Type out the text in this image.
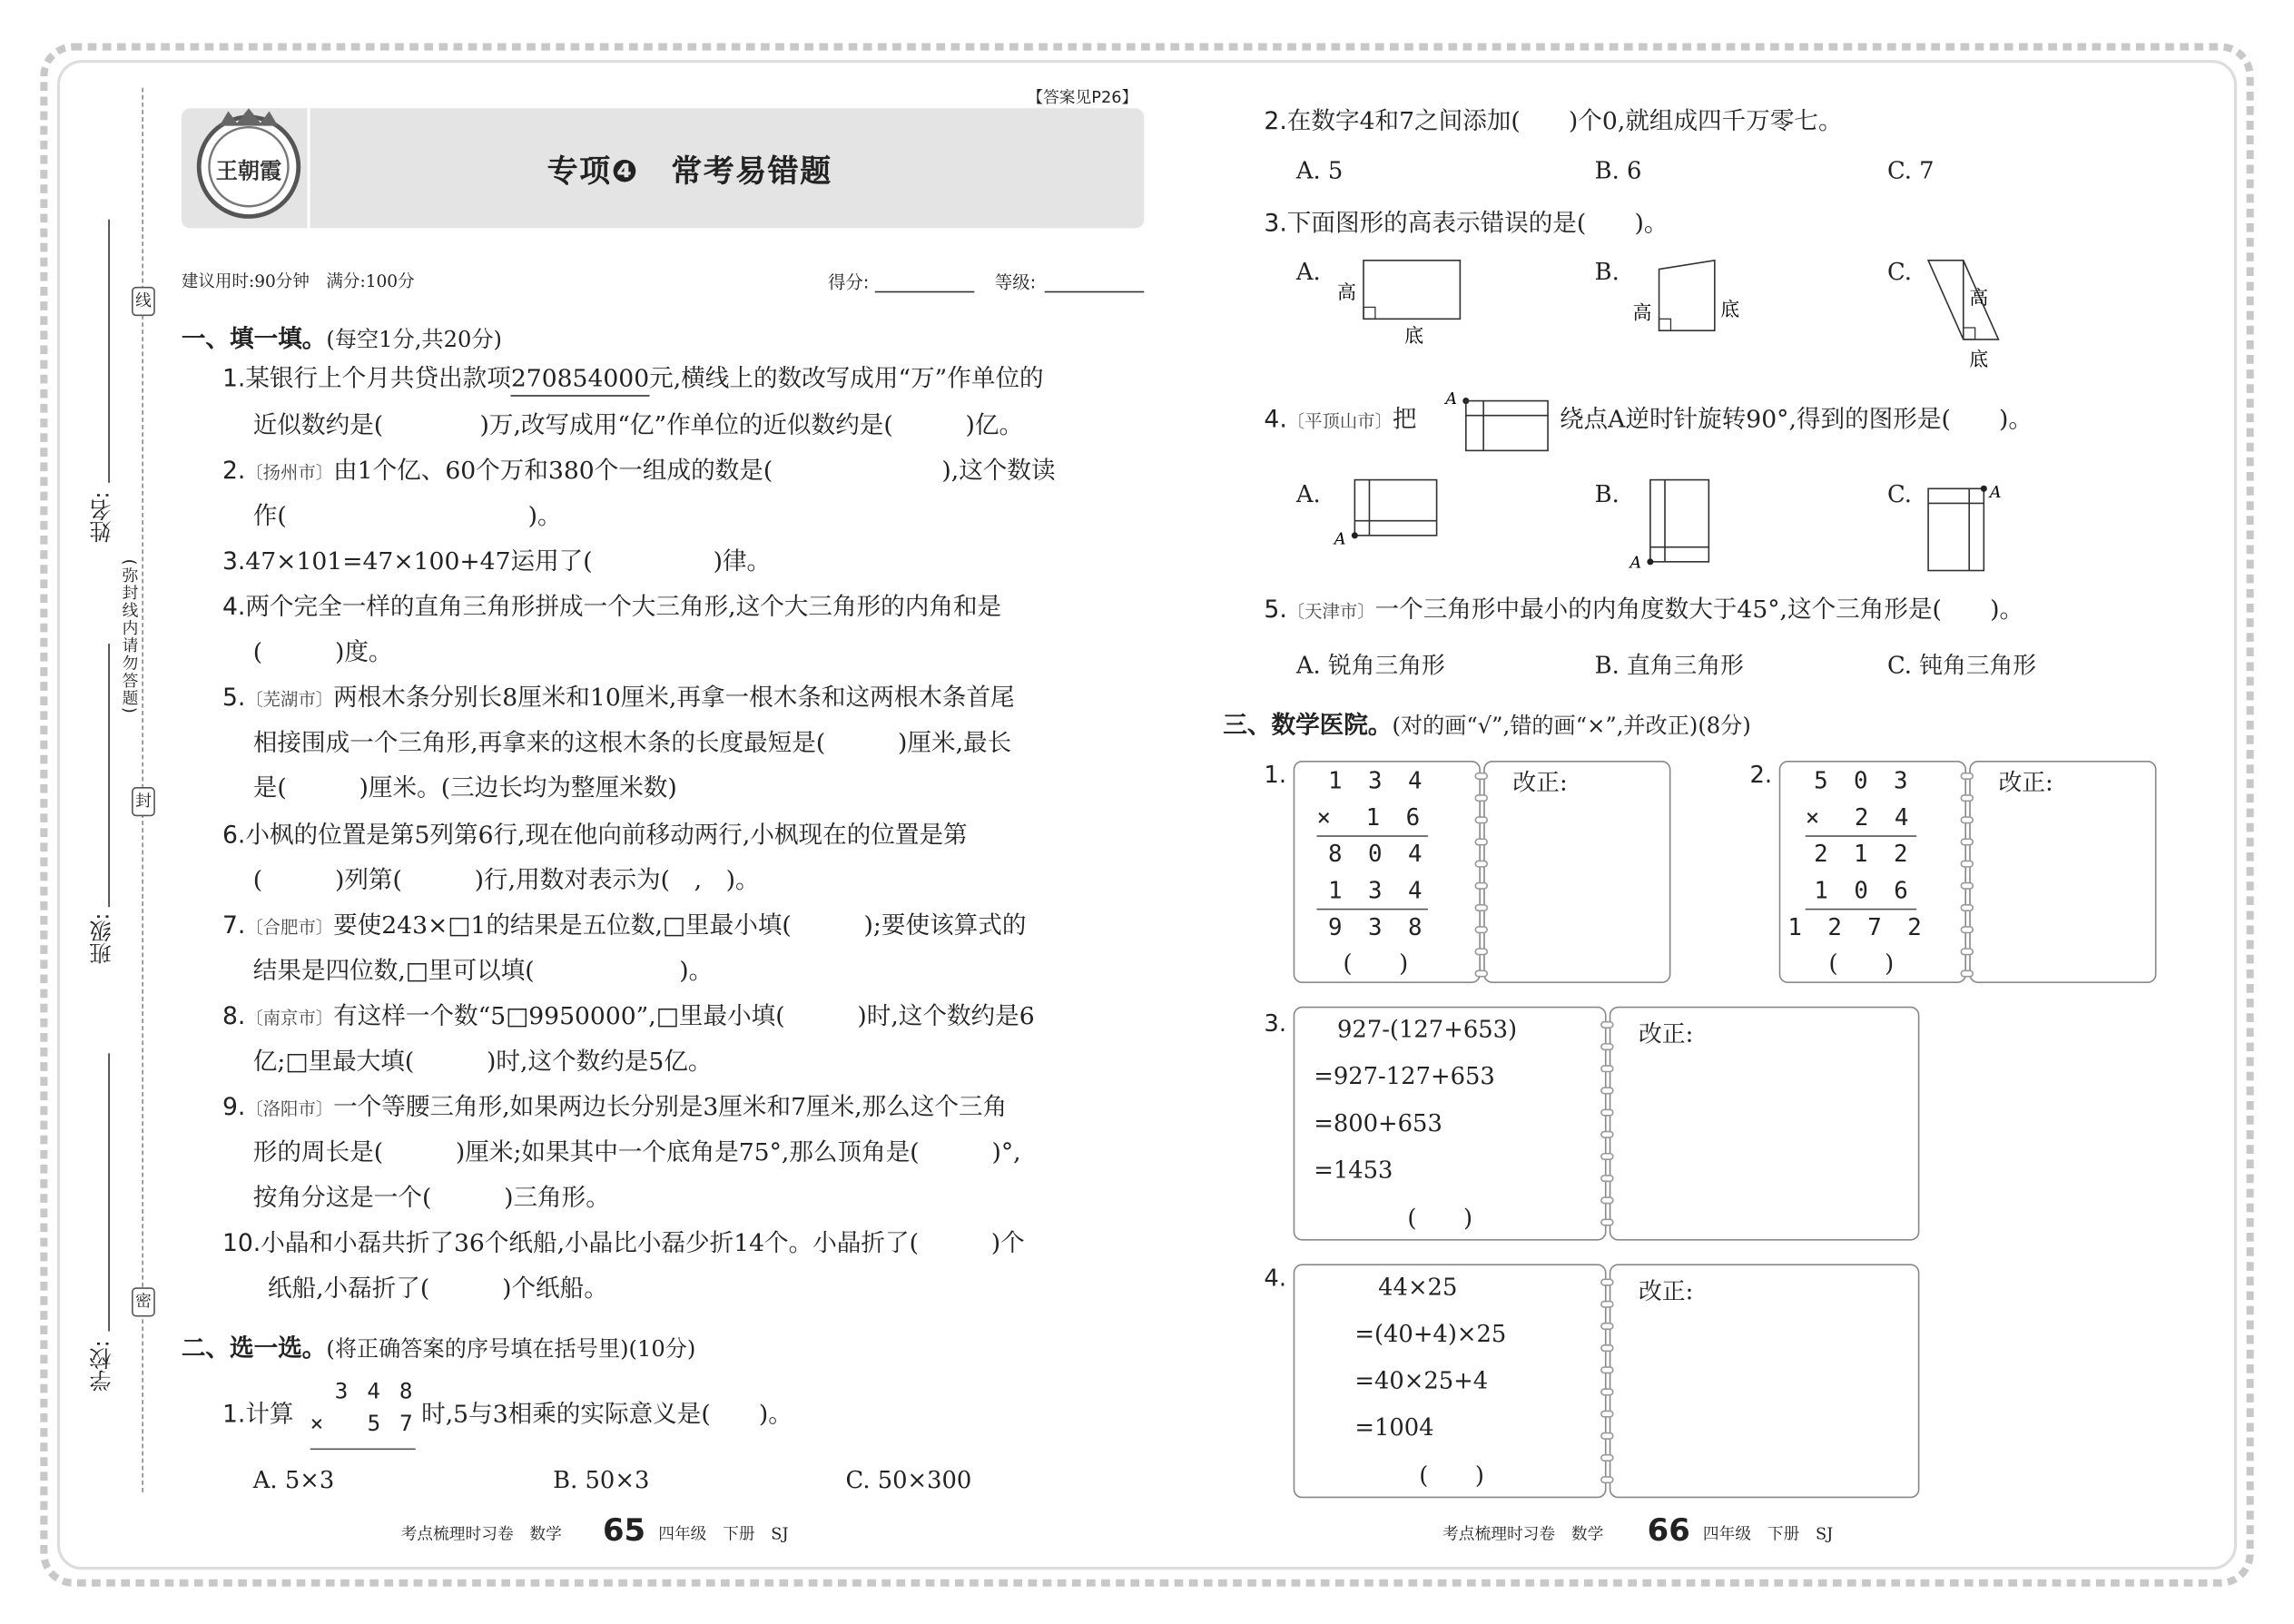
线
封
密
(弥封线内请勿答题)
姓名:
班级:
学校:
【答案见P26】
王朝霞	专项❹　常考易错题
建议用时:90分钟　满分:100分	得分:	等级:
一、填一填。(每空1分,共20分)
1.某银行上个月共贷出款项270854000元,横线上的数改写成用“万”作单位的
近似数约是(　　　　)万,改写成用“亿”作单位的近似数约是(　　　)亿。
2.〔扬州市〕由1个亿、60个万和380个一组成的数是(　　　　　　　),这个数读
作(　　　　　　　　　　)。
3.47×101=47×100+47运用了(　　　　　)律。
4.两个完全一样的直角三角形拼成一个大三角形,这个大三角形的内角和是
(　　　)度。
5.〔芜湖市〕两根木条分别长8厘米和10厘米,再拿一根木条和这两根木条首尾
相接围成一个三角形,再拿来的这根木条的长度最短是(　　　)厘米,最长
是(　　　)厘米。(三边长均为整厘米数)
6.小枫的位置是第5列第6行,现在他向前移动两行,小枫现在的位置是第
(　　　)列第(　　　)行,用数对表示为(　,　)。
7.〔合肥市〕要使243×□1的结果是五位数,□里最小填(　　　);要使该算式的
结果是四位数,□里可以填(　　　　　　)。
8.〔南京市〕有这样一个数“5□9950000”,□里最小填(　　　)时,这个数约是6
亿;□里最大填(　　　)时,这个数约是5亿。
9.〔洛阳市〕一个等腰三角形,如果两边长分别是3厘米和7厘米,那么这个三角
形的周长是(　　　)厘米;如果其中一个底角是75°,那么顶角是(　　　)°,
按角分这是一个(　　　)三角形。
10.小晶和小磊共折了36个纸船,小晶比小磊少折14个。小晶折了(　　　)个
纸船,小磊折了(　　　)个纸船。
二、选一选。(将正确答案的序号填在括号里)(10分)
1.计算
3 4 8
× 　5 7 时,5与3相乘的实际意义是(　　)。
A. 5×3	B. 50×3	C. 50×300
考点梳理时习卷　数学 65 四年级　下册　SJ
2.在数字4和7之间添加(　　)个0,就组成四千万零七。
A. 5	B. 6	C. 7
3.下面图形的高表示错误的是(　　)。
A.	B.	C.
高
底
高	底
高
底
4.〔平顶山市〕把
A
绕点A逆时针旋转90°,得到的图形是(　　)。
A.	B.	C.
A
A
A
5.〔天津市〕一个三角形中最小的内角度数大于45°,这个三角形是(　　)。
A. 锐角三角形	B. 直角三角形	C. 钝角三角形
三、数学医院。(对的画“√”,错的画“×”,并改正)(8分)
1.	改正:
1 3 4
×　1 6
8 0 4
1 3 4
9 3 8
(　　)
2.	改正:
5 0 3
×　2 4
2 1 2
1 0 6
1 2 7 2
(　　)
3.	改正:
927-(127+653)
=927-127+653
=800+653
=1453
(　　)
4.	改正:
44×25
=(40+4)×25
=40×25+4
=1004
(　　)
考点梳理时习卷　数学 66 四年级　下册　SJ
